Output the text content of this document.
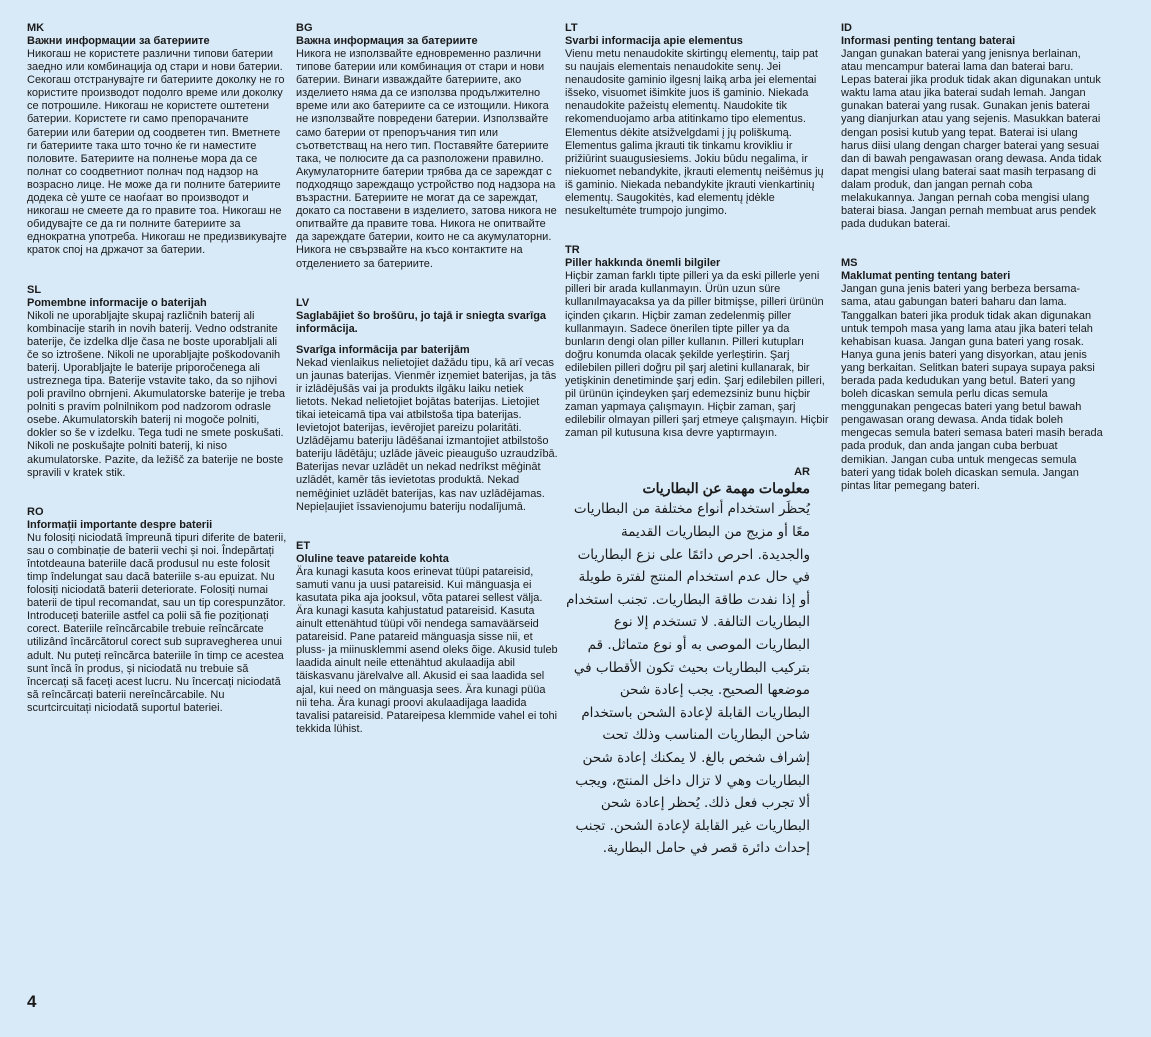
MK
Важни информации за батериите
Никогаш не користете различни типови батерии заедно или комбинација од стари и нови батерии. Секогаш отстранувајте ги батериите доколку не го користите производот подолго време или доколку се потрошиле. Никогаш не користете оштетени батерии. Користете ги само препорачаните батерии или батерии од соодветен тип. Вметнете ги батериите така што точно ќе ги наместите половите. Батериите на полнење мора да се полнат со соодветниот полнач под надзор на возрасно лице. Не може да ги полните батериите додека сѐ уште се наоѓаат во производот и никогаш не смеете да го правите тоа. Никогаш не обидувајте се да ги полните батериите за еднократна употреба. Никогаш не предизвикувајте краток спој на држачот за батерии.
SL
Pomembne informacije o baterijah
Nikoli ne uporabljajte skupaj različnih baterij ali kombinacije starih in novih baterij. Vedno odstranite baterije, če izdelka dlje časa ne boste uporabljali ali če so iztrošene. Nikoli ne uporabljajte poškodovanih baterij. Uporabljajte le baterije priporočenega ali ustreznega tipa. Baterije vstavite tako, da so njihovi poli pravilno obrnjeni. Akumulatorske baterije je treba polniti s pravim polnilnikom pod nadzorom odrasle osebe. Akumulatorskih baterij ni mogoče polniti, dokler so še v izdelku. Tega tudi ne smete poskušati. Nikoli ne poskušajte polniti baterij, ki niso akumulatorske. Pazite, da ležišč za baterije ne boste spravili v kratek stik.
RO
Informații importante despre baterii
Nu folosiți niciodată împreună tipuri diferite de baterii, sau o combinație de baterii vechi și noi. Îndepărtați întotdeauna bateriile dacă produsul nu este folosit timp îndelungat sau dacă bateriile s-au epuizat. Nu folosiți niciodată baterii deteriorate. Folosiți numai baterii de tipul recomandat, sau un tip corespunzător. Introduceți bateriile astfel ca polii să fie poziționați corect. Bateriile reîncărcabile trebuie reîncărcate utilizând încărcătorul corect sub supravegherea unui adult. Nu puteți reîncărca bateriile în timp ce acestea sunt încă în produs, și niciodată nu trebuie să încercați să faceți acest lucru. Nu încercați niciodată să reîncărcați baterii nereîncărcabile. Nu scurtcircuitați niciodată suportul bateriei.
BG
Важна информация за батериите
Никога не използвайте едновременно различни типове батерии или комбинация от стари и нови батерии. Винаги изваждайте батериите, ако изделието няма да се използва продължително време или ако батериите са се изтощили. Никога не използвайте повредени батерии. Използвайте само батерии от препоръчания тип или съответстващ на него тип. Поставяйте батериите така, че полюсите да са разположени правилно. Акумулаторните батерии трябва да се зареждат с подходящо зареждащо устройство под надзора на възрастни. Батериите не могат да се зареждат, докато са поставени в изделието, затова никога не опитвайте да правите това. Никога не опитвайте да зареждате батерии, които не са акумулаторни. Никога не свързвайте на късо контактите на отделението за батериите.
LV
Saglabājiet šo brošūru, jo tajā ir sniegta svarīga informācija.
Svarīga informācija par baterijām
Nekad vienlaikus nelietojiet dažādu tipu, kā arī vecas un jaunas baterijas. Vienmēr izņemiet baterijas, ja tās ir izlādējušās vai ja produkts ilgāku laiku netiek lietots. Nekad nelietojiet bojātas baterijas. Lietojiet tikai ieteicamā tipa vai atbilstoša tipa baterijas. Ievietojot baterijas, ievērojiet pareizu polaritāti. Uzlādējamu bateriju lādēšanai izmantojiet atbilstošo bateriju lādētāju; uzlāde jāveic pieaugušo uzraudzībā. Baterijas nevar uzlādēt un nekad nedrīkst mēģināt uzlādēt, kamēr tās ievietotas produktā. Nekad nemēģiniet uzlādēt baterijas, kas nav uzlādējamas. Nepieļaujiet īssavienojumu bateriju nodalījumā.
ET
Oluline teave patareide kohta
Ära kunagi kasuta koos erinevat tüüpi patareisid, samuti vanu ja uusi patareisid. Kui mänguasja ei kasutata pika aja jooksul, võta patarei sellest välja. Ära kunagi kasuta kahjustatud patareisid. Kasuta ainult ettenähtud tüüpi või nendega samaväärseid patareisid. Pane patareid mänguasja sisse nii, et pluss- ja miinusklemmi asend oleks õige. Akusid tuleb laadida ainult neile ettenähtud akulaadija abil täiskasvanu järelvalve all. Akusid ei saa laadida sel ajal, kui need on mänguasja sees. Ära kunagi püüa nii teha. Ära kunagi proovi akulaadijaga laadida tavalisi patareisid. Patareipesa klemmide vahel ei tohi tekkida lühist.
LT
Svarbi informacija apie elementus
Vienu metu nenaudokite skirtingų elementų, taip pat su naujais elementais nenaudokite senų. Jei nenaudosite gaminio ilgesnį laiką arba jei elementai išseko, visuomet išimkite juos iš gaminio. Niekada nenaudokite pažeistų elementų. Naudokite tik rekomenduojamo arba atitinkamo tipo elementus. Elementus dėkite atsižvelgdami į jų poliškumą. Elementus galima įkrauti tik tinkamu krovikliu ir prižiūrint suaugusiesiems. Jokiu būdu negalima, ir niekuomet nebandykite, įkrauti elementų neišėmus jų iš gaminio. Niekada nebandykite įkrauti vienkartinių elementų. Saugokitės, kad elementų įdėkle nesukeltumėte trumpojo jungimo.
TR
Piller hakkında önemli bilgiler
Hiçbir zaman farklı tipte pilleri ya da eski pillerle yeni pilleri bir arada kullanmayın. Ürün uzun süre kullanılmayacaksa ya da piller bitmişse, pilleri ürünün içinden çıkarın. Hiçbir zaman zedelenmiş piller kullanmayın. Sadece önerilen tipte piller ya da bunların dengi olan piller kullanın. Pilleri kutupları doğru konumda olacak şekilde yerleştirin. Şarj edilebilen pilleri doğru pil şarj aletini kullanarak, bir yetişkinin denetiminde şarj edin. Şarj edilebilen pilleri, pil ürünün içindeyken şarj edemezsiniz bunu hiçbir zaman yapmaya çalışmayın. Hiçbir zaman, şarj edilebilir olmayan pilleri şarj etmeye çalışmayın. Hiçbir zaman pil kutusuna kısa devre yaptırmayın.
AR
معلومات مهمة عن البطاريات
يُحظَر استخدام أنواع مختلفة من البطاريات معًا أو مزيج من البطاريات القديمة والجديدة. احرص دائمًا على نزع البطاريات في حال عدم استخدام المنتج لفترة طويلة أو إذا نفدت طاقة البطاريات. تجنب استخدام البطاريات التالفة. لا تستخدم إلا نوع البطاريات الموصى به أو نوع متماثل. قم بتركيب البطاريات بحيث تكون الأقطاب في موضعها الصحيح. يجب إعادة شحن البطاريات القابلة لإعادة الشحن باستخدام شاحن البطاريات المناسب وذلك تحت إشراف شخص بالغ. لا يمكنك إعادة شحن البطاريات وهي لا تزال داخل المنتج، ويجب ألا تجرب فعل ذلك. يُحظر إعادة شحن البطاريات غير القابلة لإعادة الشحن. تجنب إحداث دائرة قصر في حامل البطارية.
ID
Informasi penting tentang baterai
Jangan gunakan baterai yang jenisnya berlainan, atau mencampur baterai lama dan baterai baru. Lepas baterai jika produk tidak akan digunakan untuk waktu lama atau jika baterai sudah lemah. Jangan gunakan baterai yang rusak. Gunakan jenis baterai yang dianjurkan atau yang sejenis. Masukkan baterai dengan posisi kutub yang tepat. Baterai isi ulang harus diisi ulang dengan charger baterai yang sesuai dan di bawah pengawasan orang dewasa. Anda tidak dapat mengisi ulang baterai saat masih terpasang di dalam produk, dan jangan pernah coba melakukannya. Jangan pernah coba mengisi ulang baterai biasa. Jangan pernah membuat arus pendek pada dudukan baterai.
MS
Maklumat penting tentang bateri
Jangan guna jenis bateri yang berbeza bersama-sama, atau gabungan bateri baharu dan lama. Tanggalkan bateri jika produk tidak akan digunakan untuk tempoh masa yang lama atau jika bateri telah kehabisan kuasa. Jangan guna bateri yang rosak. Hanya guna jenis bateri yang disyorkan, atau jenis yang berkaitan. Selitkan bateri supaya supaya paksi berada pada kedudukan yang betul. Bateri yang boleh dicaskan semula perlu dicas semula menggunakan pengecas bateri yang betul bawah pengawasan orang dewasa. Anda tidak boleh mengecas semula bateri semasa bateri masih berada pada produk, dan anda jangan cuba berbuat demikian. Jangan cuba untuk mengecas semula bateri yang tidak boleh dicaskan semula. Jangan pintas litar pemegang bateri.
4
